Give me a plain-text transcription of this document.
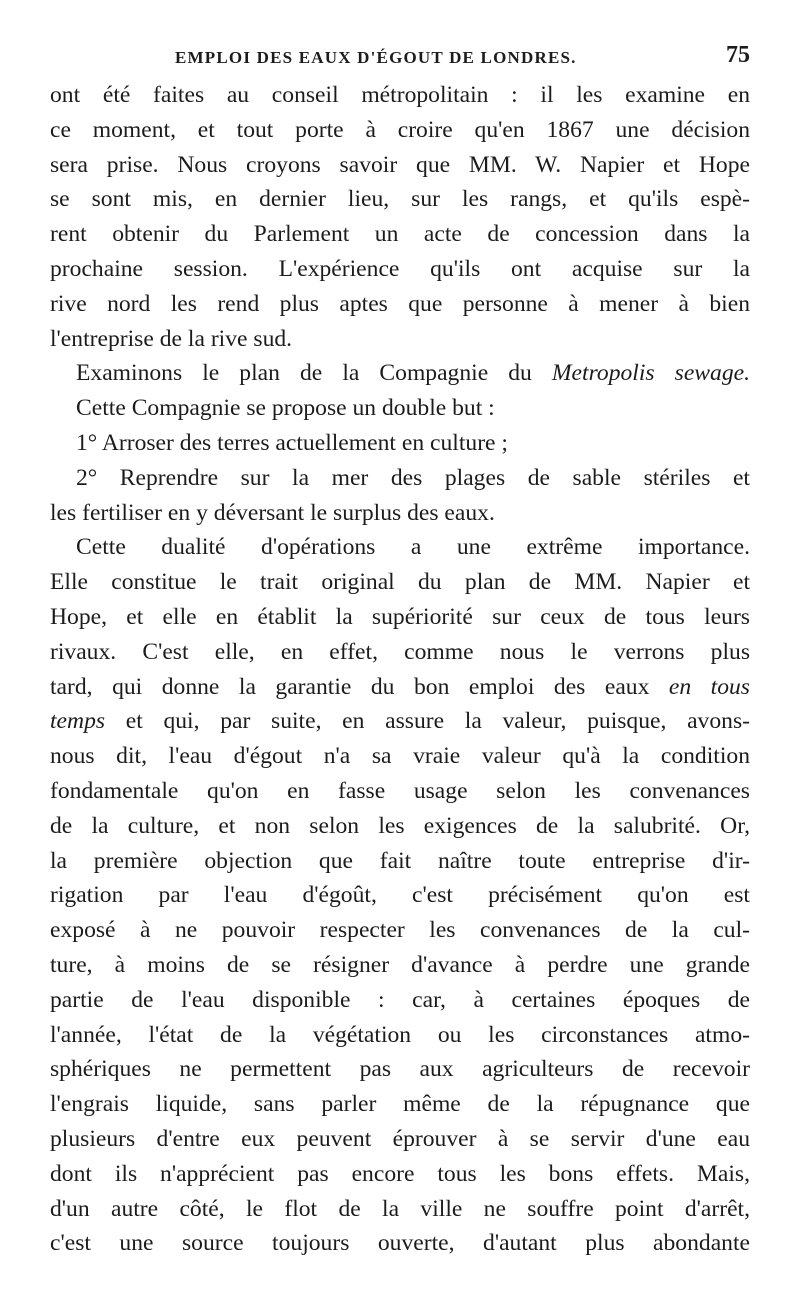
EMPLOI DES EAUX D'ÉGOUT DE LONDRES.	75
ont été faites au conseil métropolitain : il les examine en
ce moment, et tout porte à croire qu'en 1867 une décision
sera prise. Nous croyons savoir que MM. W. Napier et Hope
se sont mis, en dernier lieu, sur les rangs, et qu'ils espè-
rent obtenir du Parlement un acte de concession dans la
prochaine session. L'expérience qu'ils ont acquise sur la
rive nord les rend plus aptes que personne à mener à bien
l'entreprise de la rive sud.
Examinons le plan de la Compagnie du Metropolis sewage.
Cette Compagnie se propose un double but :
1° Arroser des terres actuellement en culture ;
2° Reprendre sur la mer des plages de sable stériles et
les fertiliser en y déversant le surplus des eaux.
Cette dualité d'opérations a une extrême importance.
Elle constitue le trait original du plan de MM. Napier et
Hope, et elle en établit la supériorité sur ceux de tous leurs
rivaux. C'est elle, en effet, comme nous le verrons plus
tard, qui donne la garantie du bon emploi des eaux en tous
temps et qui, par suite, en assure la valeur, puisque, avons-
nous dit, l'eau d'égout n'a sa vraie valeur qu'à la condition
fondamentale qu'on en fasse usage selon les convenances
de la culture, et non selon les exigences de la salubrité. Or,
la première objection que fait naître toute entreprise d'ir-
rigation par l'eau d'égoût, c'est précisément qu'on est
exposé à ne pouvoir respecter les convenances de la cul-
ture, à moins de se résigner d'avance à perdre une grande
partie de l'eau disponible : car, à certaines époques de
l'année, l'état de la végétation ou les circonstances atmo-
sphériques ne permettent pas aux agriculteurs de recevoir
l'engrais liquide, sans parler même de la répugnance que
plusieurs d'entre eux peuvent éprouver à se servir d'une eau
dont ils n'apprécient pas encore tous les bons effets. Mais,
d'un autre côté, le flot de la ville ne souffre point d'arrêt,
c'est une source toujours ouverte, d'autant plus abondante
